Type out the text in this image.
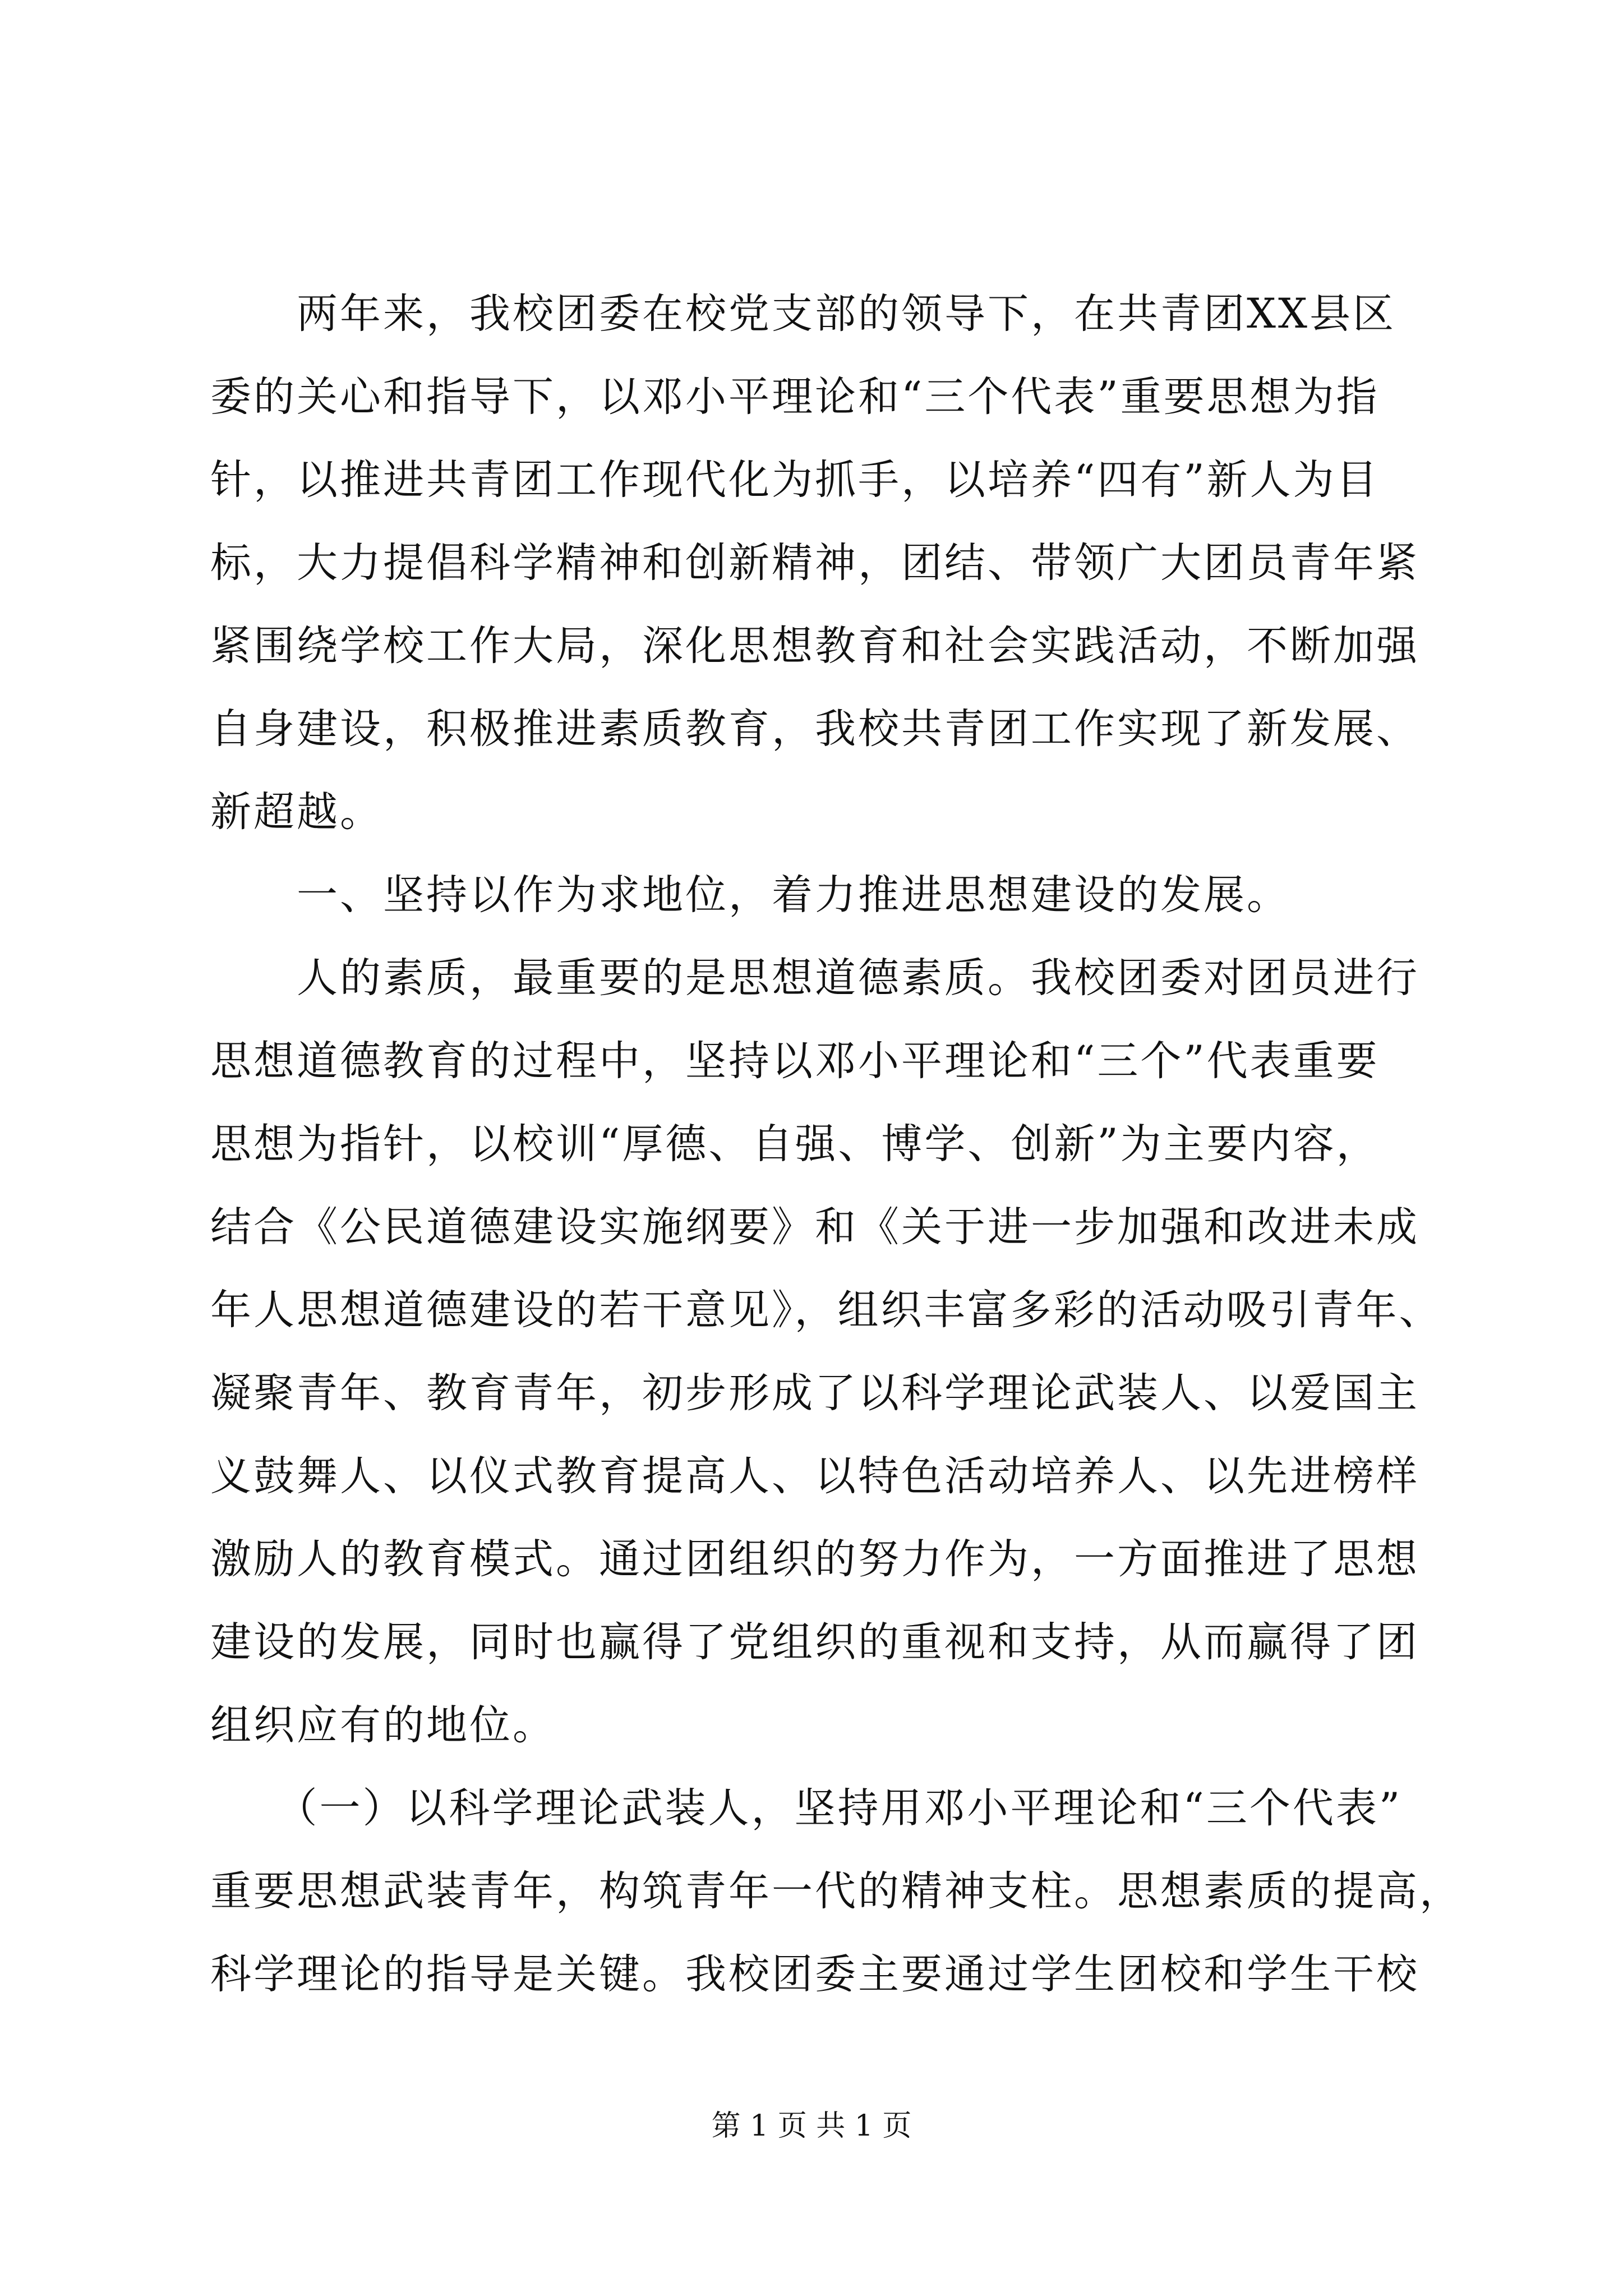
　　两年来，我校团委在校党支部的领导下，在共青团XX县区
委的关心和指导下，以邓小平理论和“三个代表”重要思想为指
针，以推进共青团工作现代化为抓手，以培养“四有”新人为目
标，大力提倡科学精神和创新精神，团结、带领广大团员青年紧
紧围绕学校工作大局，深化思想教育和社会实践活动，不断加强
自身建设，积极推进素质教育，我校共青团工作实现了新发展、
新超越。
　　一、坚持以作为求地位，着力推进思想建设的发展。
　　人的素质，最重要的是思想道德素质。我校团委对团员进行
思想道德教育的过程中，坚持以邓小平理论和“三个”代表重要
思想为指针，以校训“厚德、自强、博学、创新”为主要内容，
结合《公民道德建设实施纲要》和《关于进一步加强和改进未成
年人思想道德建设的若干意见》，组织丰富多彩的活动吸引青年、
凝聚青年、教育青年，初步形成了以科学理论武装人、以爱国主
义鼓舞人、以仪式教育提高人、以特色活动培养人、以先进榜样
激励人的教育模式。通过团组织的努力作为，一方面推进了思想
建设的发展，同时也赢得了党组织的重视和支持，从而赢得了团
组织应有的地位。
　　（一）以科学理论武装人，坚持用邓小平理论和“三个代表”
重要思想武装青年，构筑青年一代的精神支柱。思想素质的提高，
科学理论的指导是关键。我校团委主要通过学生团校和学生干校
第 1 页 共 1 页
